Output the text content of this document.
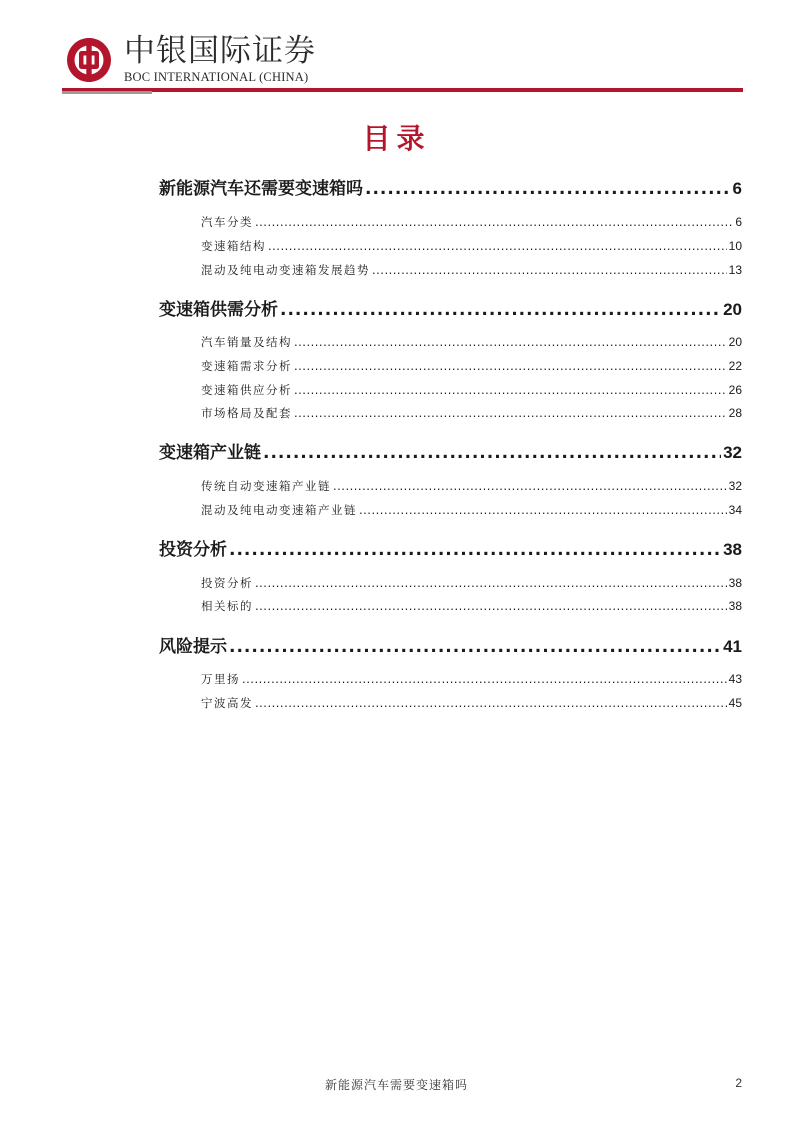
中银国际证券
BOC INTERNATIONAL (CHINA)
目录
新能源汽车还需要变速箱吗 .....	6
汽车分类 .....	6
变速箱结构 .....	10
混动及纯电动变速箱发展趋势 .....	13
变速箱供需分析 .....	20
汽车销量及结构 .....	20
变速箱需求分析 .....	22
变速箱供应分析 .....	26
市场格局及配套 .....	28
变速箱产业链 .....	32
传统自动变速箱产业链 .....	32
混动及纯电动变速箱产业链 .....	34
投资分析 .....	38
投资分析 .....	38
相关标的 .....	38
风险提示 .....	41
万里扬 .....	43
宁波高发 .....	45
新能源汽车需要变速箱吗	2
